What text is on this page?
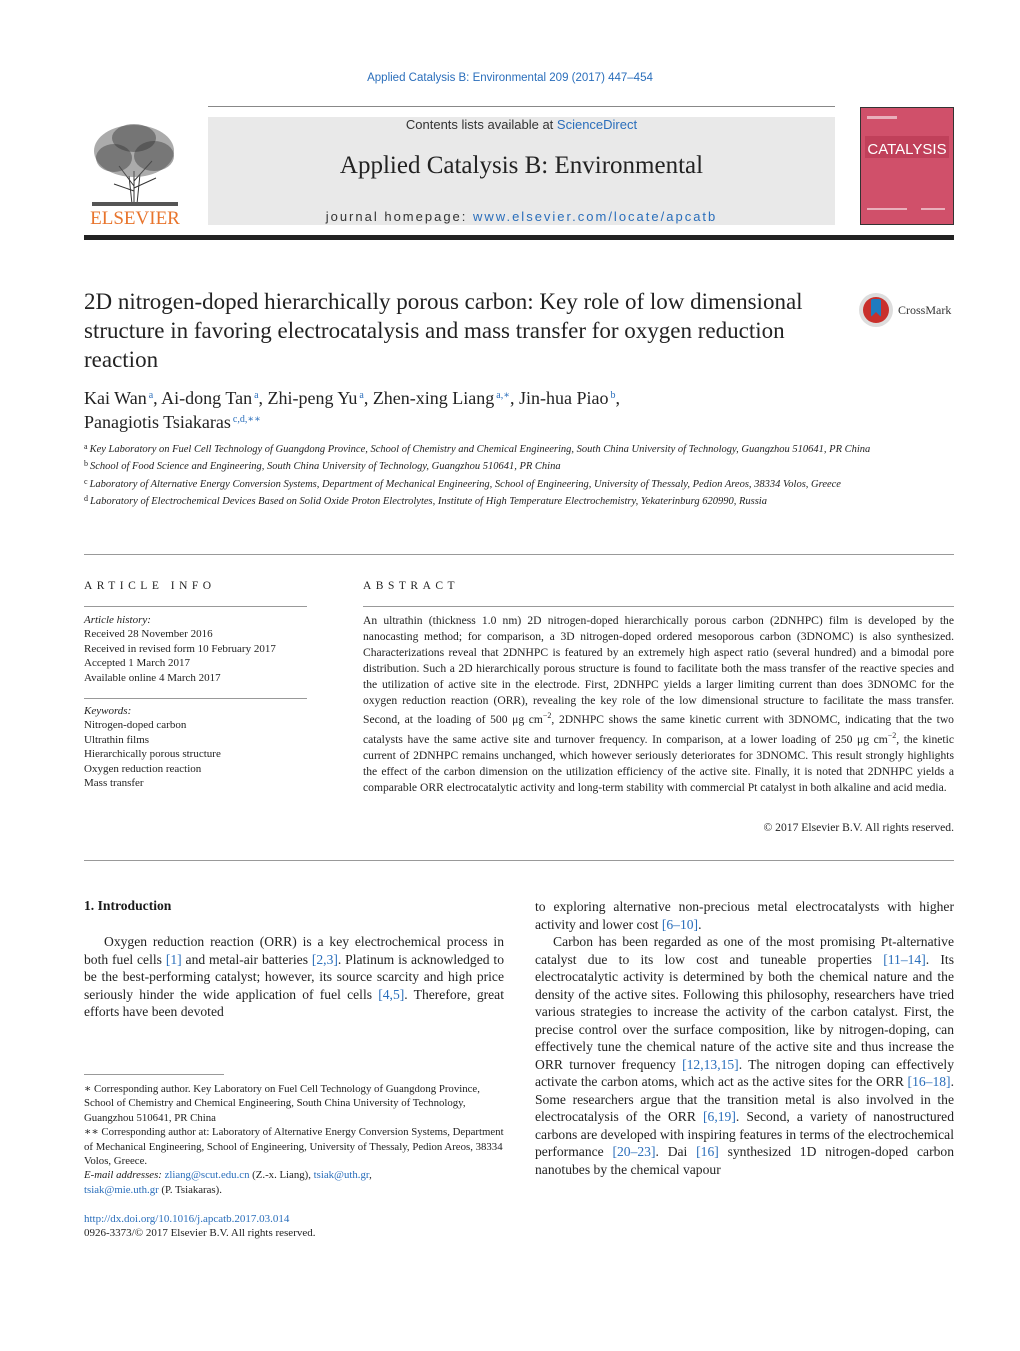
Applied Catalysis B: Environmental 209 (2017) 447–454
ELSEVIER
Contents lists available at ScienceDirect
Applied Catalysis B: Environmental
journal homepage: www.elsevier.com/locate/apcatb
CATALYSIS
2D nitrogen-doped hierarchically porous carbon: Key role of low dimensional structure in favoring electrocatalysis and mass transfer for oxygen reduction reaction
CrossMark
Kai Wan $^a$, Ai-dong Tan $^a$, Zhi-peng Yu $^a$, Zhen-xing Liang $^{a,∗}$, Jin-hua Piao $^b$,
Panagiotis Tsiakaras $^{c,d,∗∗}$
$^a$ Key Laboratory on Fuel Cell Technology of Guangdong Province, School of Chemistry and Chemical Engineering, South China University of Technology, Guangzhou 510641, PR China
$^b$ School of Food Science and Engineering, South China University of Technology, Guangzhou 510641, PR China
$^c$ Laboratory of Alternative Energy Conversion Systems, Department of Mechanical Engineering, School of Engineering, University of Thessaly, Pedion Areos, 38334 Volos, Greece
$^d$ Laboratory of Electrochemical Devices Based on Solid Oxide Proton Electrolytes, Institute of High Temperature Electrochemistry, Yekaterinburg 620990, Russia
ARTICLE INFO
Article history:
Received 28 November 2016
Received in revised form 10 February 2017
Accepted 1 March 2017
Available online 4 March 2017
Keywords:
Nitrogen-doped carbon
Ultrathin films
Hierarchically porous structure
Oxygen reduction reaction
Mass transfer
ABSTRACT
An ultrathin (thickness 1.0 nm) 2D nitrogen-doped hierarchically porous carbon (2DNHPC) film is developed by the nanocasting method; for comparison, a 3D nitrogen-doped ordered mesoporous carbon (3DNOMC) is also synthesized. Characterizations reveal that 2DNHPC is featured by an extremely high aspect ratio (several hundred) and a bimodal pore distribution. Such a 2D hierarchically porous structure is found to facilitate both the mass transfer of the reactive species and the utilization of active site in the electrode. First, 2DNHPC yields a larger limiting current than does 3DNOMC for the oxygen reduction reaction (ORR), revealing the key role of the low dimensional structure to facilitate the mass transfer. Second, at the loading of 500 μg $cm^{-2}$, 2DNHPC shows the same kinetic current with 3DNOMC, indicating that the two catalysts have the same active site and turnover frequency. In comparison, at a lower loading of 250 μg $cm^{-2}$, the kinetic current of 2DNHPC remains unchanged, which however seriously deteriorates for 3DNOMC. This result strongly highlights the effect of the carbon dimension on the utilization efficiency of the active site. Finally, it is noted that 2DNHPC yields a comparable ORR electrocatalytic activity and long-term stability with commercial Pt catalyst in both alkaline and acid media.
© 2017 Elsevier B.V. All rights reserved.
1. Introduction
Oxygen reduction reaction (ORR) is a key electrochemical process in both fuel cells [1] and metal-air batteries [2,3]. Platinum is acknowledged to be the best-performing catalyst; however, its source scarcity and high price seriously hinder the wide application of fuel cells [4,5]. Therefore, great efforts have been devoted

to exploring alternative non-precious metal electrocatalysts with higher activity and lower cost [6–10].

Carbon has been regarded as one of the most promising Pt-alternative catalyst due to its low cost and tuneable properties [11–14]. Its electrocatalytic activity is determined by both the chemical nature and the density of the active sites. Following this philosophy, researchers have tried various strategies to increase the activity of the carbon catalyst. First, the precise control over the surface composition, like by nitrogen-doping, can effectively tune the chemical nature of the active site and thus increase the ORR turnover frequency [12,13,15]. The nitrogen doping can effectively activate the carbon atoms, which act as the active sites for the ORR [16–18]. Some researchers argue that the transition metal is also involved in the electrocatalysis of the ORR [6,19]. Second, a variety of nanostructured carbons are developed with inspiring features in terms of the electrochemical performance [20–23]. Dai [16] synthesized 1D nitrogen-doped carbon nanotubes by the chemical vapour

∗ Corresponding author. Key Laboratory on Fuel Cell Technology of Guangdong Province, School of Chemistry and Chemical Engineering, South China University of Technology, Guangzhou 510641, PR China

∗∗ Corresponding author at: Laboratory of Alternative Energy Conversion Systems, Department of Mechanical Engineering, School of Engineering, University of Thessaly, Pedion Areos, 38334 Volos, Greece.

E-mail addresses: zliang@scut.edu.cn (Z.-x. Liang), tsiak@uth.gr,
tsiak@mie.uth.gr (P. Tsiakaras).

http://dx.doi.org/10.1016/j.apcatb.2017.03.014
0926-3373/© 2017 Elsevier B.V. All rights reserved.
